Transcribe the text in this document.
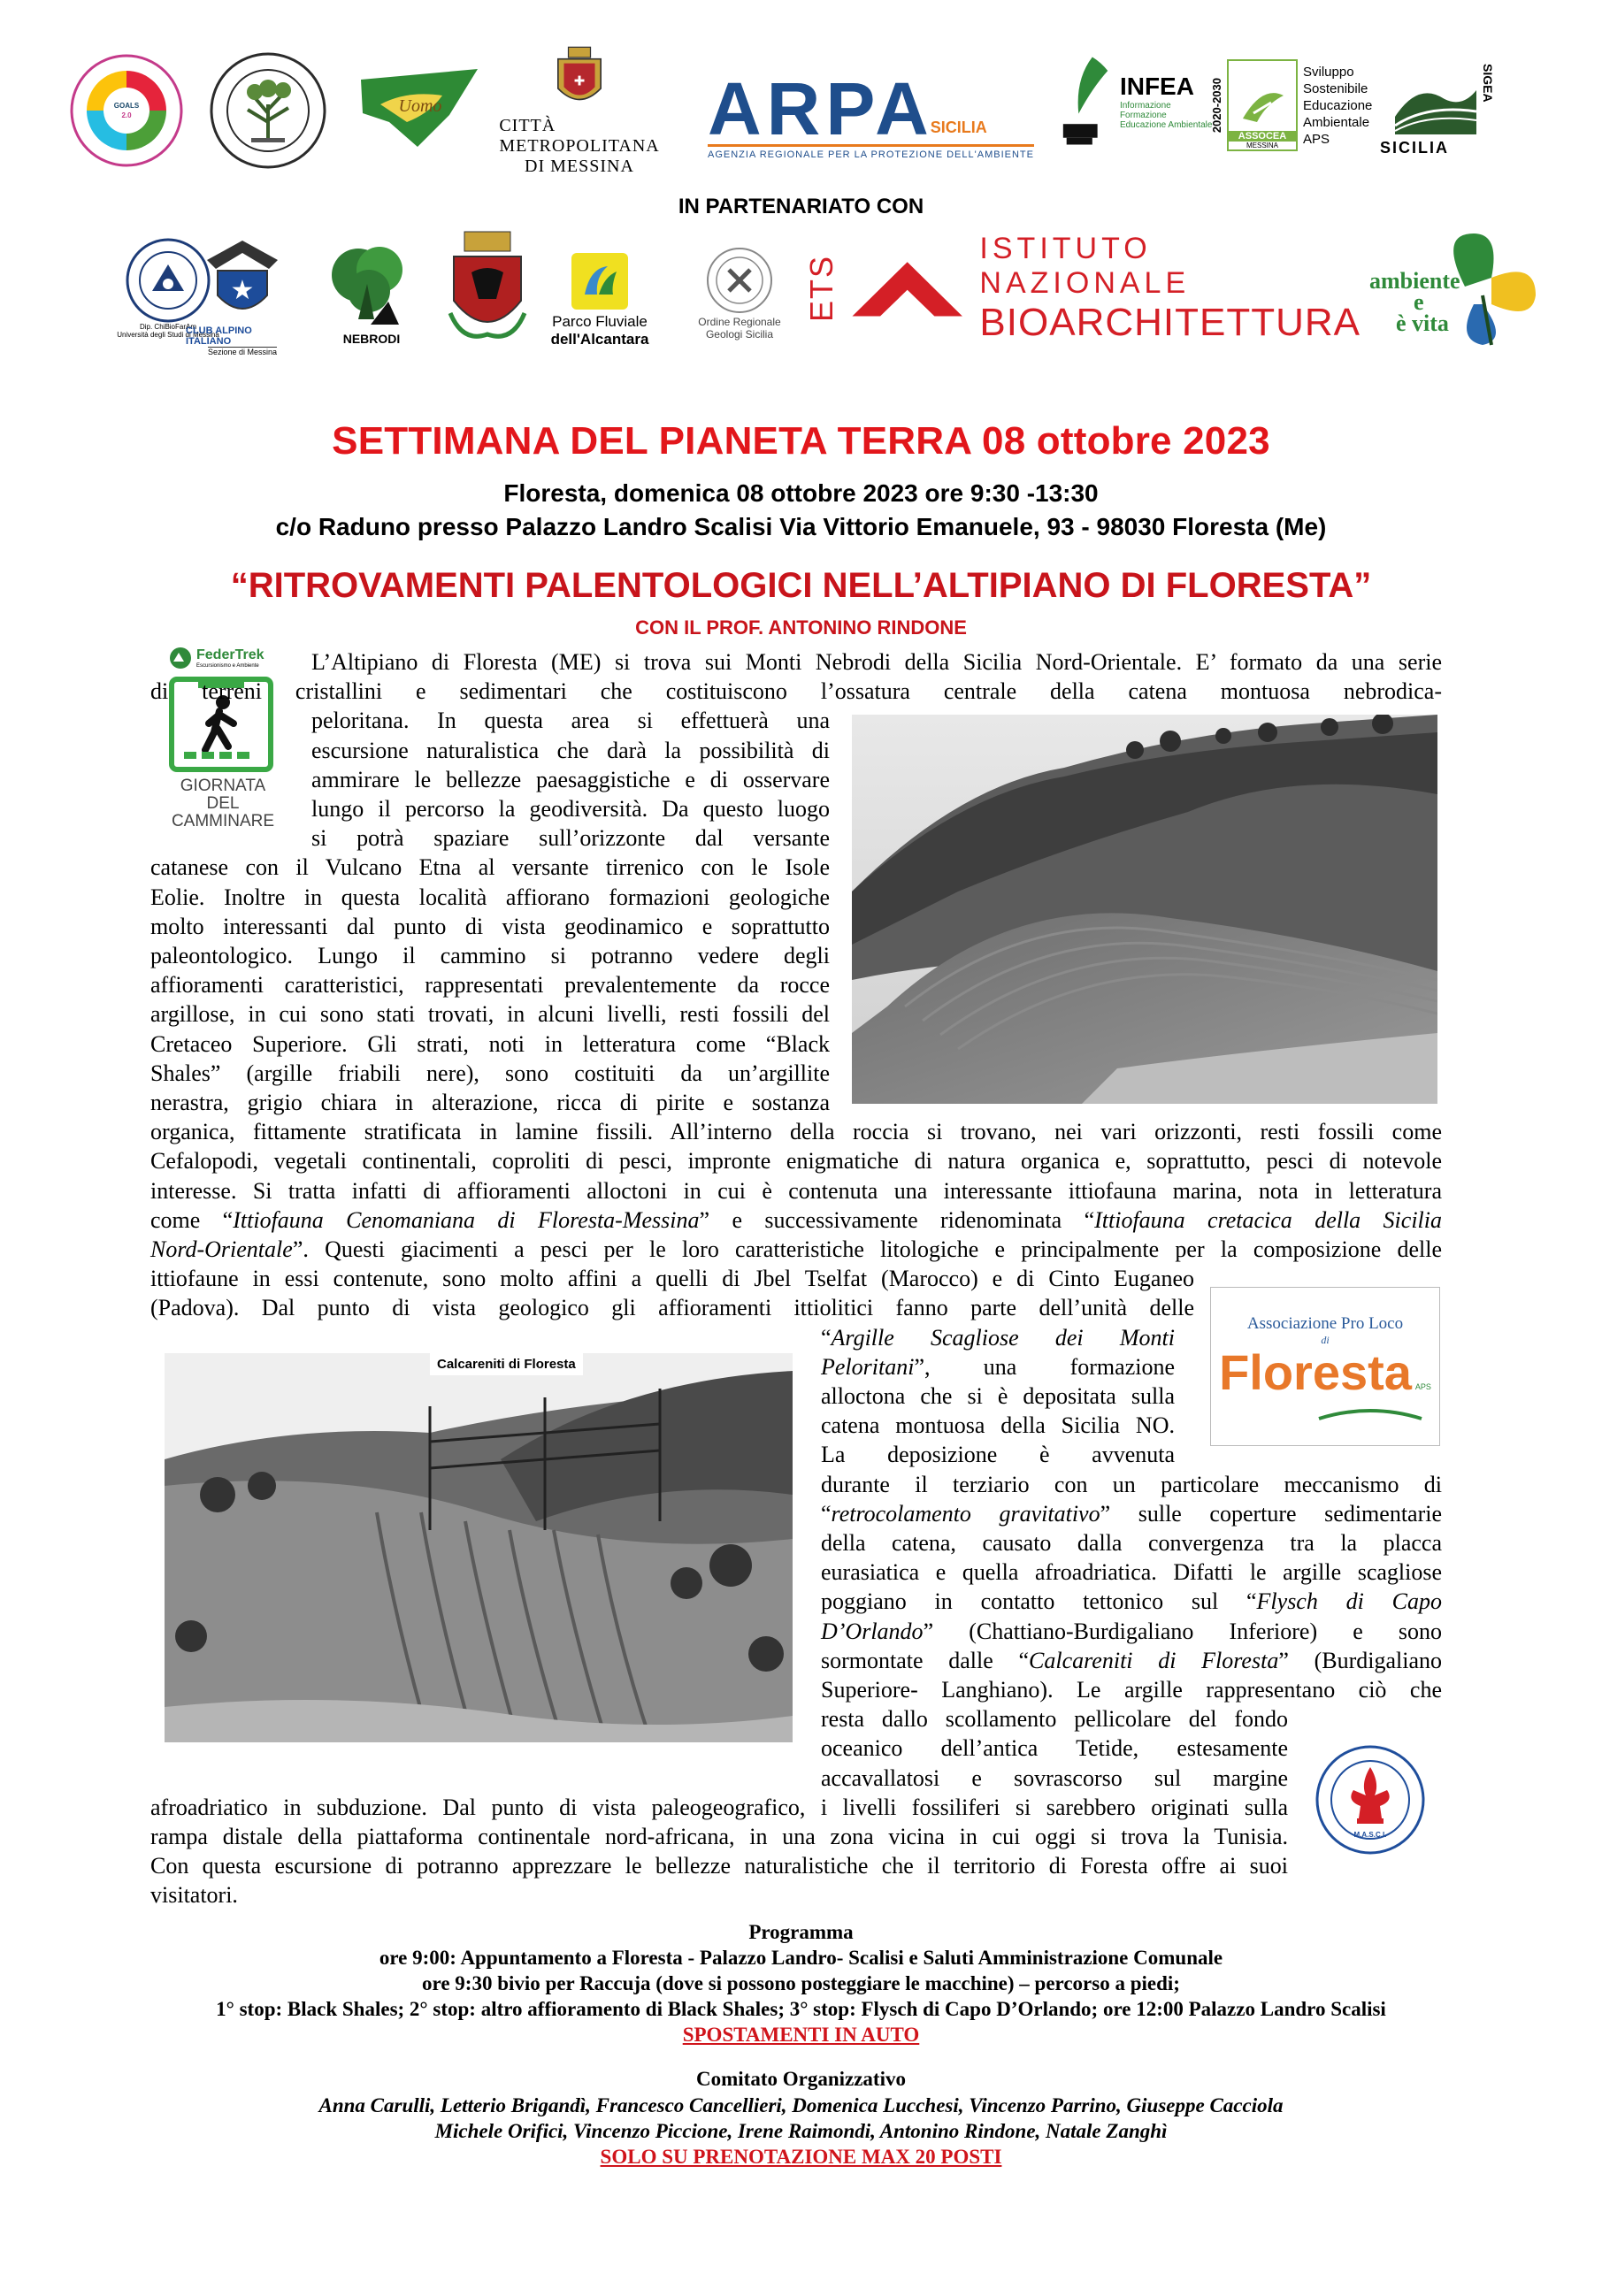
GOALS
2.0	Uomo
✚
CITTÀ METROPOLITANA
DI MESSINA
ARPA
SICILIA
AGENZIA REGIONALE PER LA PROTEZIONE DELL'AMBIENTE
INFEA
Informazione Formazione
Educazione Ambientale
2020-2030
ASSOCEA
MESSINA
Sviluppo
Sostenibile
Educazione
Ambientale
APS	SICILIA
SIGEA
IN PARTENARIATO CON
Dip. ChiBioFarAm
Università degli Studi di Messina
★
CLUB ALPINO ITALIANO
Sezione di Messina
NEBRODI
Parco Fluviale
dell'Alcantara
Ordine Regionale
Geologi Sicilia
ETS
ISTITUTO NAZIONALE
BIOARCHITETTURA
ambiente
e
è vita
SETTIMANA DEL PIANETA TERRA 08 ottobre 2023
Floresta, domenica 08 ottobre 2023 ore 9:30 -13:30
c/o Raduno presso Palazzo Landro Scalisi Via Vittorio Emanuele, 93 - 98030 Floresta (Me)
“RITROVAMENTI PALENTOLOGICI NELL’ALTIPIANO DI FLORESTA”
CON IL PROF. ANTONINO RINDONE
FederTrek
Escursionismo e Ambiente
GIORNATA DEL
CAMMINARE
L’Altipiano di Floresta (ME) si trova sui Monti Nebrodi della Sicilia Nord-Orientale. E’ formato da una serie
di terreni cristallini e sedimentari che costituiscono l’ossatura centrale della catena montuosa nebrodica-
peloritana. In questa area si effettuerà una
escursione naturalistica che darà la possibilità di
ammirare le bellezze paesaggistiche e di osservare
lungo il percorso la geodiversità. Da questo luogo
si potrà spaziare sull’orizzonte dal versante
catanese con il Vulcano Etna al versante tirrenico con le Isole
Eolie. Inoltre in questa località affiorano formazioni geologiche
molto interessanti dal punto di vista geodinamico e soprattutto
paleontologico. Lungo il cammino si potranno vedere degli
affioramenti caratteristici, rappresentati prevalentemente da rocce
argillose, in cui sono stati trovati, in alcuni livelli, resti fossili del
Cretaceo Superiore. Gli strati, noti in letteratura come “Black
Shales” (argille friabili nere), sono costituiti da un’argillite
nerastra, grigio chiara in alterazione, ricca di pirite e sostanza
organica, fittamente stratificata in lamine fissili. All’interno della roccia si trovano, nei vari orizzonti, resti fossili come
Cefalopodi, vegetali continentali, coproliti di pesci, impronte enigmatiche di natura organica e, soprattutto, pesci di notevole
interesse. Si tratta infatti di affioramenti alloctoni in cui è contenuta una interessante ittiofauna marina, nota in letteratura
come “Ittiofauna Cenomaniana di Floresta-Messina” e successivamente ridenominata “Ittiofauna cretacica della Sicilia
Nord-Orientale”. Questi giacimenti a pesci per le loro caratteristiche litologiche e principalmente per la composizione delle
ittiofaune in essi contenute, sono molto affini a quelli di Jbel Tselfat (Marocco) e di Cinto Euganeo
(Padova). Dal punto di vista geologico gli affioramenti ittiolitici fanno parte dell’unità delle
“Argille Scagliose dei Monti
Peloritani”, una formazione
alloctona che si è depositata sulla
catena montuosa della Sicilia NO.
La deposizione è avvenuta
durante il terziario con un particolare meccanismo di
“retrocolamento gravitativo” sulle coperture sedimentarie
della catena, causato dalla convergenza tra la placca
eurasiatica e quella afroadriatica. Difatti le argille scagliose
poggiano in contatto tettonico sul “Flysch di Capo
D’Orlando” (Chattiano-Burdigaliano Inferiore) e sono
sormontate dalle “Calcareniti di Floresta” (Burdigaliano
Superiore- Langhiano). Le argille rappresentano ciò che
resta dallo scollamento pellicolare del fondo
oceanico dell’antica Tetide, estesamente
accavallatosi e sovrascorso sul margine
afroadriatico in subduzione. Dal punto di vista paleogeografico, i livelli fossiliferi si sarebbero originati sulla
rampa distale della piattaforma continentale nord-africana, in una zona vicina in cui oggi si trova la Tunisia.
Con questa escursione di potranno apprezzare le bellezze naturalistiche che il territorio di Foresta offre ai suoi
visitatori.
Associazione Pro Loco
di
Floresta APS
Calcareniti di Floresta
M.A.S.C.I.
Programma
ore 9:00: Appuntamento a Floresta - Palazzo Landro- Scalisi e Saluti Amministrazione Comunale
ore 9:30 bivio per Raccuja (dove si possono posteggiare le macchine) – percorso a piedi;
1° stop: Black Shales; 2° stop: altro affioramento di Black Shales; 3° stop: Flysch di Capo D’Orlando; ore 12:00 Palazzo Landro Scalisi
SPOSTAMENTI IN AUTO
Comitato Organizzativo
Anna Carulli, Letterio Brigandì, Francesco Cancellieri, Domenica Lucchesi, Vincenzo Parrino, Giuseppe Cacciola
Michele Orifici, Vincenzo Piccione, Irene Raimondi, Antonino Rindone, Natale Zanghì
SOLO SU PRENOTAZIONE MAX 20 POSTI
